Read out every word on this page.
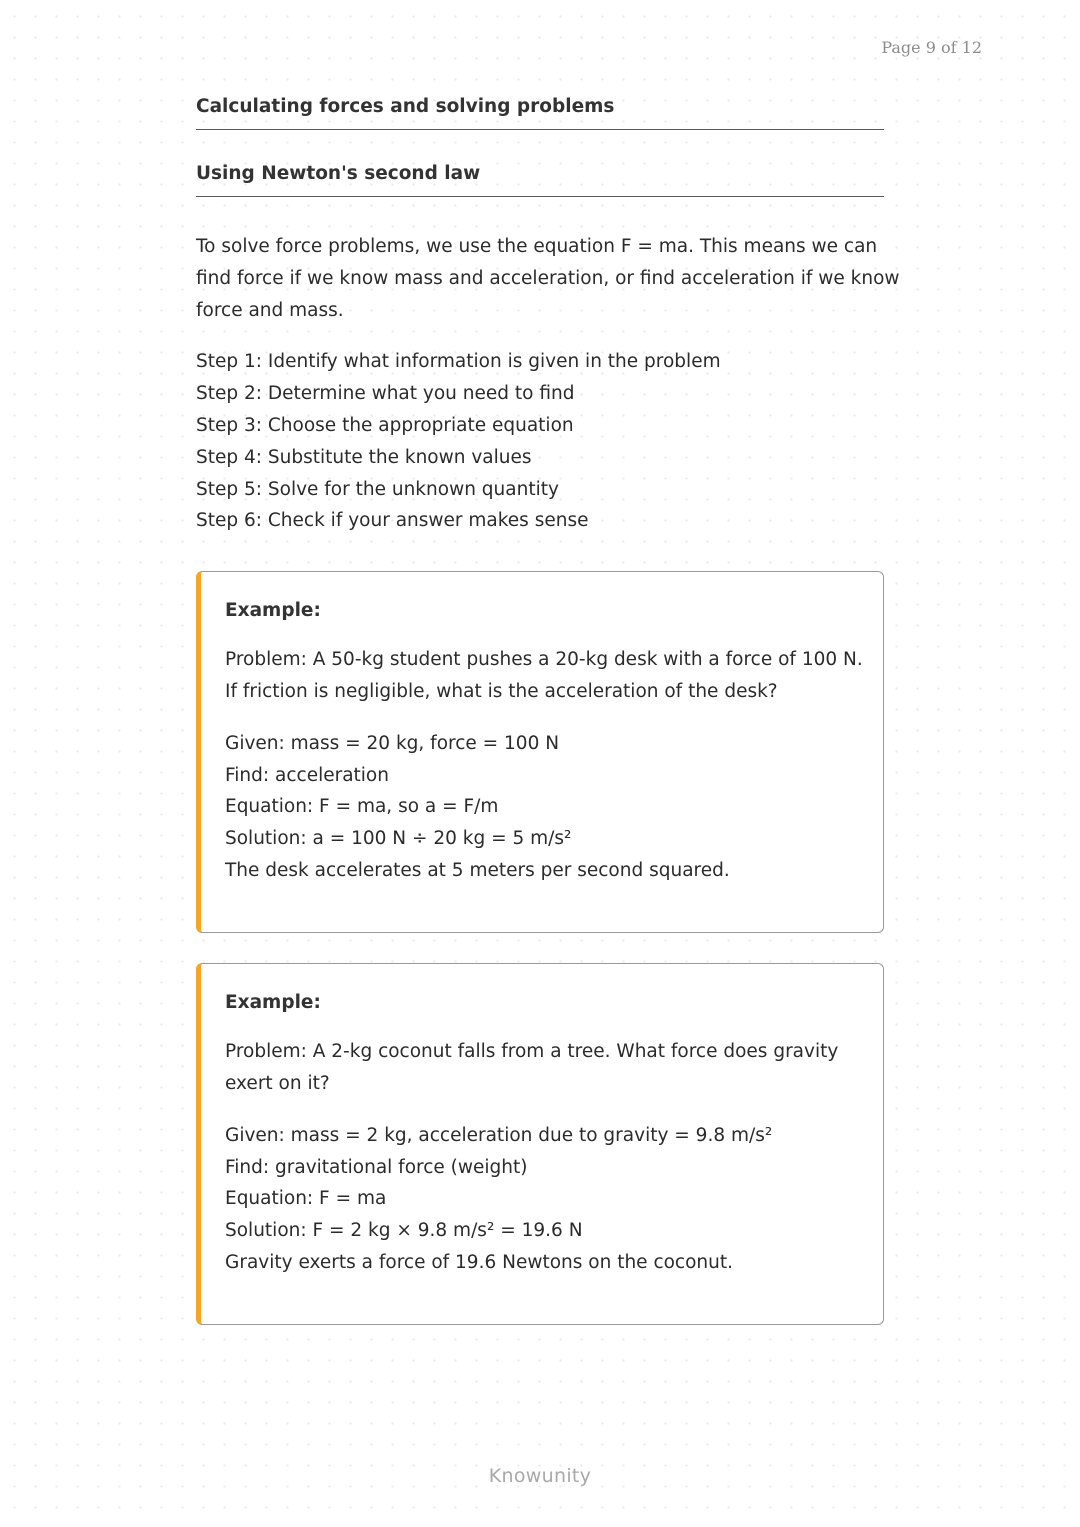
Page 9 of 12
Calculating forces and solving problems
Using Newton's second law
To solve force problems, we use the equation F = ma. This means we can
find force if we know mass and acceleration, or find acceleration if we know
force and mass.
Step 1: Identify what information is given in the problem
Step 2: Determine what you need to find
Step 3: Choose the appropriate equation
Step 4: Substitute the known values
Step 5: Solve for the unknown quantity
Step 6: Check if your answer makes sense
Example:
Problem: A 50-kg student pushes a 20-kg desk with a force of 100 N.
If friction is negligible, what is the acceleration of the desk?
Given: mass = 20 kg, force = 100 N
Find: acceleration
Equation: F = ma, so a = F/m
Solution: a = 100 N ÷ 20 kg = 5 m/s²
The desk accelerates at 5 meters per second squared.
Example:
Problem: A 2-kg coconut falls from a tree. What force does gravity
exert on it?
Given: mass = 2 kg, acceleration due to gravity = 9.8 m/s²
Find: gravitational force (weight)
Equation: F = ma
Solution: F = 2 kg × 9.8 m/s² = 19.6 N
Gravity exerts a force of 19.6 Newtons on the coconut.
Knowunity
